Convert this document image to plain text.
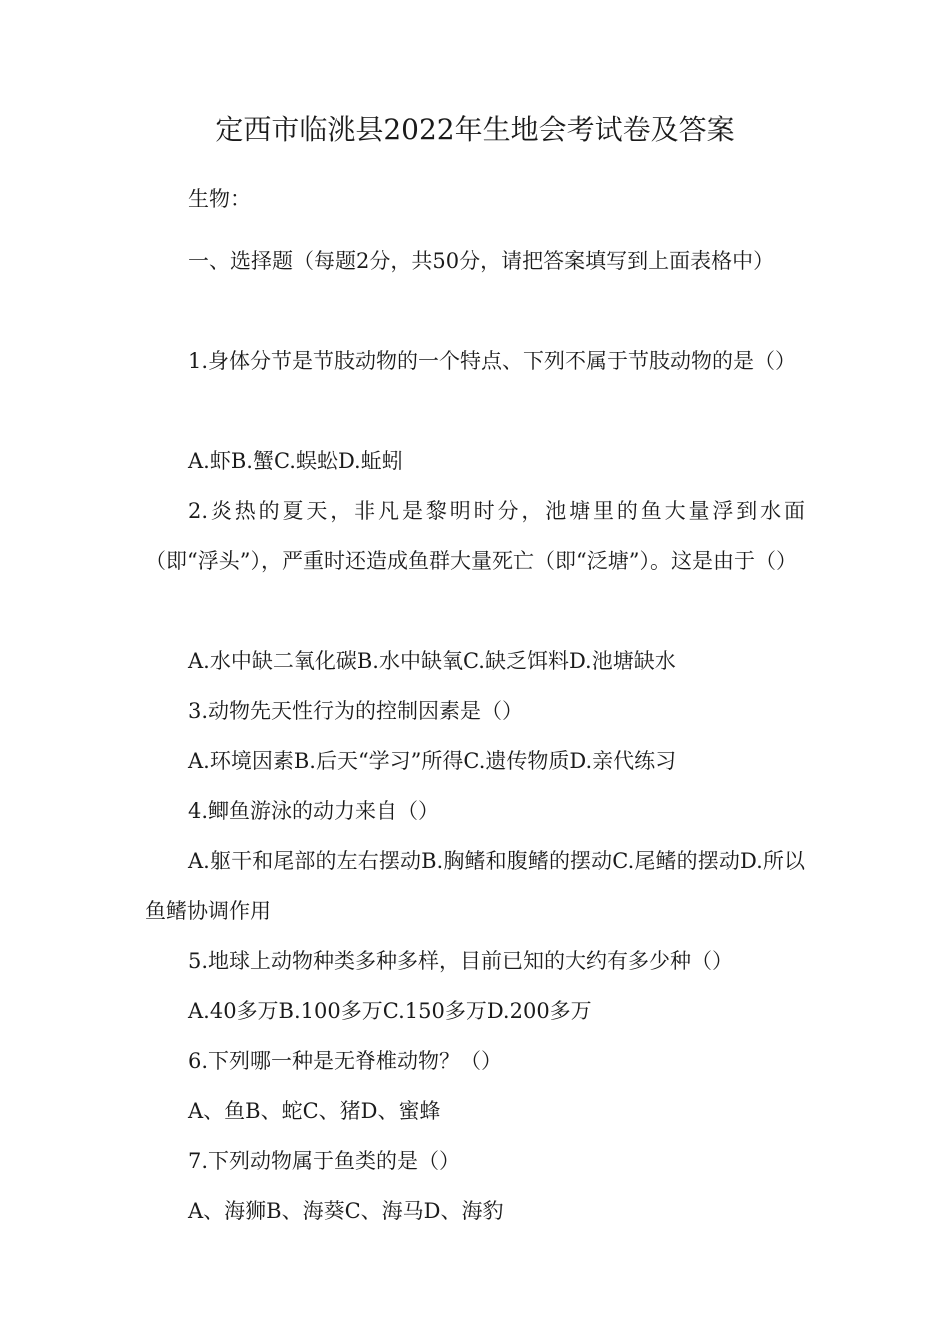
定西市临洮县2022年生地会考试卷及答案
生物：
一、选择题（每题2分，共50分，请把答案填写到上面表格中）
1.身体分节是节肢动物的一个特点、下列不属于节肢动物的是（）
A.虾B.蟹C.蜈蚣D.蚯蚓
2.炎热的夏天，非凡是黎明时分，池塘里的鱼大量浮到水面（即“浮头”），严重时还造成鱼群大量死亡（即“泛塘”）。这是由于（）
A.水中缺二氧化碳B.水中缺氧C.缺乏饵料D.池塘缺水
3.动物先天性行为的控制因素是（）
A.环境因素B.后天“学习”所得C.遗传物质D.亲代练习
4.鲫鱼游泳的动力来自（）
A.躯干和尾部的左右摆动B.胸鳍和腹鳍的摆动C.尾鳍的摆动D.所以鱼鳍协调作用
5.地球上动物种类多种多样，目前已知的大约有多少种（）
A.40多万B.100多万C.150多万D.200多万
6.下列哪一种是无脊椎动物？（）
A、鱼B、蛇C、猪D、蜜蜂
7.下列动物属于鱼类的是（）
A、海狮B、海葵C、海马D、海豹
